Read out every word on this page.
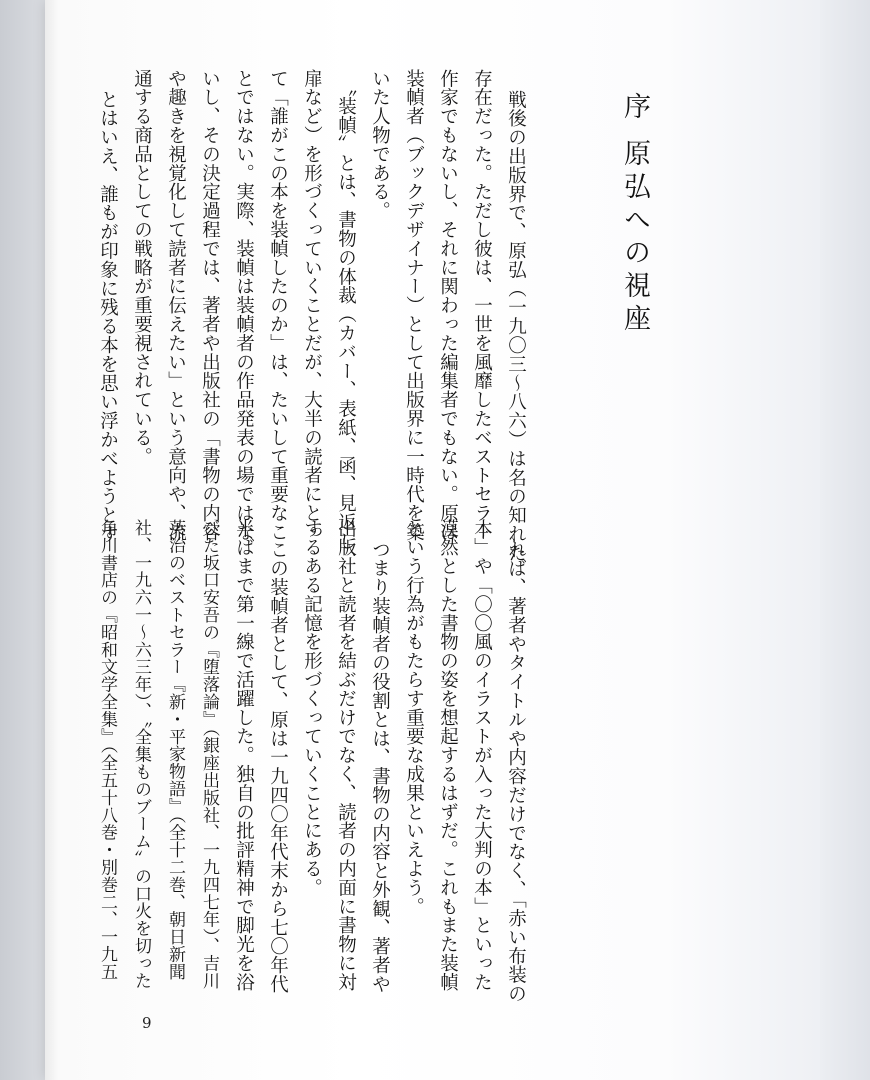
序原弘への視座
戦後の出版界で、原弘（一九〇三〜八六）は名の知れた
存在だった。ただし彼は、一世を風靡したベストセラー
作家でもないし、それに関わった編集者でもない。原は
装幀者（ブックデザイナー）として出版界に一時代を築
いた人物である。
〝装幀〟とは、書物の体裁（カバー、表紙、函、見返し、
扉など）を形づくっていくことだが、大半の読者にとっ
て「誰がこの本を装幀したのか」は、たいして重要なこ
とではない。実際、装幀は装幀者の作品発表の場ではな
いし、その決定過程では、著者や出版社の「書物の内容
や趣きを視覚化して読者に伝えたい」という意向や、流
通する商品としての戦略が重要視されている。
とはいえ、誰もが印象に残る本を思い浮かべようとす
れば、著者やタイトルや内容だけでなく、「赤い布装の
本」や「〇〇風のイラストが入った大判の本」といった
漠然とした書物の姿を想起するはずだ。これもまた装幀
という行為がもたらす重要な成果といえよう。
つまり装幀者の役割とは、書物の内容と外観、著者や
出版社と読者を結ぶだけでなく、読者の内面に書物に対
するある記憶を形づくっていくことにある。
この装幀者として、原は一九四〇年代末から七〇年代
半ばまで第一線で活躍した。独自の批評精神で脚光を浴
びた坂口安吾の『堕落論』（銀座出版社、一九四七年）、吉川
英治のベストセラー『新・平家物語』（全十二巻、朝日新聞
社、一九六一〜六三年）、〝全集ものブーム〟の口火を切った
角川書店の『昭和文学全集』（全五十八巻・別巻二、一九五
9
